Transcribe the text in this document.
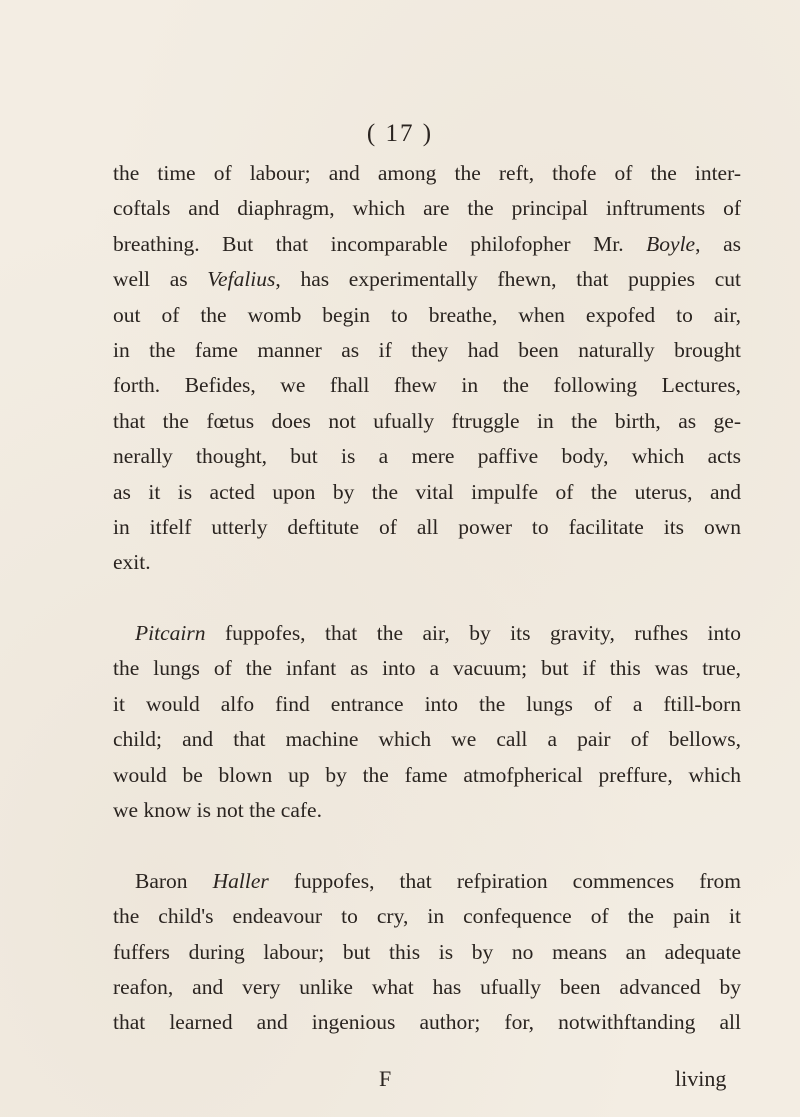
( 17 )
the time of labour; and among the reft, thofe of the inter-
coftals and diaphragm, which are the principal inftruments of
breathing. But that incomparable philofopher Mr. Boyle, as
well as Vefalius, has experimentally fhewn, that puppies cut
out of the womb begin to breathe, when expofed to air,
in the fame manner as if they had been naturally brought
forth. Befides, we fhall fhew in the following Lectures,
that the fœtus does not ufually ftruggle in the birth, as ge-
nerally thought, but is a mere paffive body, which acts
as it is acted upon by the vital impulfe of the uterus, and
in itfelf utterly deftitute of all power to facilitate its own
exit.
Pitcairn fuppofes, that the air, by its gravity, rufhes into
the lungs of the infant as into a vacuum; but if this was true,
it would alfo find entrance into the lungs of a ftill-born
child; and that machine which we call a pair of bellows,
would be blown up by the fame atmofpherical preffure, which
we know is not the cafe.
Baron Haller fuppofes, that refpiration commences from
the child's endeavour to cry, in confequence of the pain it
fuffers during labour; but this is by no means an adequate
reafon, and very unlike what has ufually been advanced by
that learned and ingenious author; for, notwithftanding all
F	living
